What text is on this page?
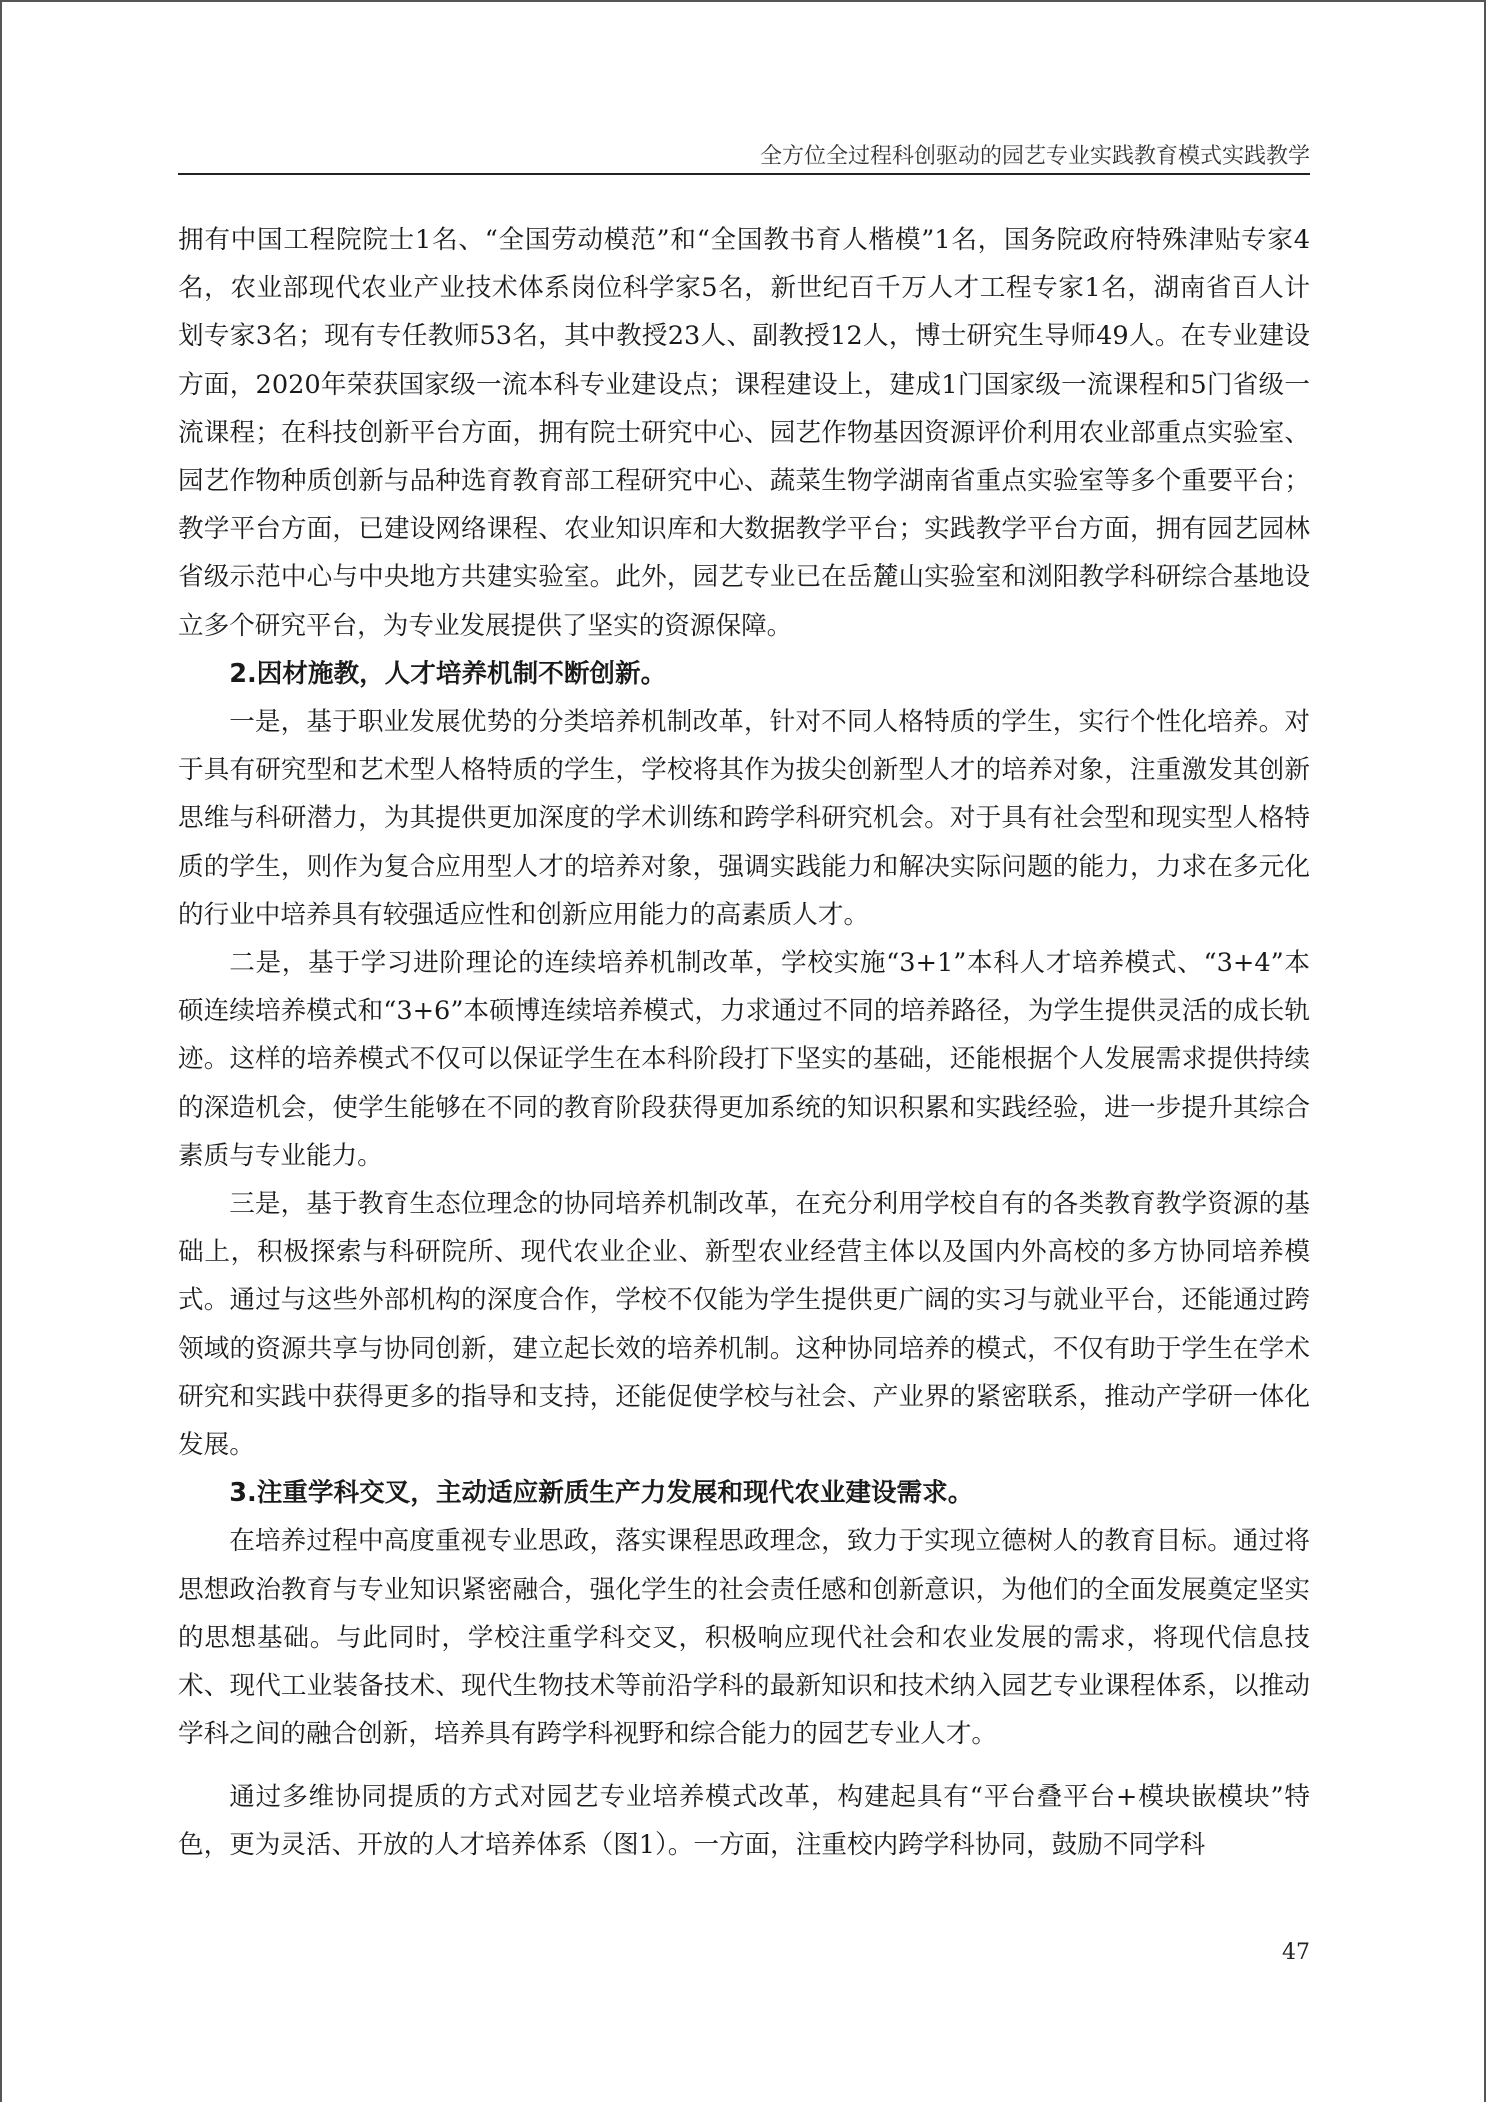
全方位全过程科创驱动的园艺专业实践教育模式实践教学

拥有中国工程院院士1名、“全国劳动模范”和“全国教书育人楷模”1名，国务院政府特殊津贴专家4名，农业部现代农业产业技术体系岗位科学家5名，新世纪百千万人才工程专家1名，湖南省百人计划专家3名；现有专任教师53名，其中教授23人、副教授12人，博士研究生导师49人。在专业建设方面，2020年荣获国家级一流本科专业建设点；课程建设上，建成1门国家级一流课程和5门省级一流课程；在科技创新平台方面，拥有院士研究中心、园艺作物基因资源评价利用农业部重点实验室、园艺作物种质创新与品种选育教育部工程研究中心、蔬菜生物学湖南省重点实验室等多个重要平台；教学平台方面，已建设网络课程、农业知识库和大数据教学平台；实践教学平台方面，拥有园艺园林省级示范中心与中央地方共建实验室。此外，园艺专业已在岳麓山实验室和浏阳教学科研综合基地设立多个研究平台，为专业发展提供了坚实的资源保障。

2.因材施教，人才培养机制不断创新。

一是，基于职业发展优势的分类培养机制改革，针对不同人格特质的学生，实行个性化培养。对于具有研究型和艺术型人格特质的学生，学校将其作为拔尖创新型人才的培养对象，注重激发其创新思维与科研潜力，为其提供更加深度的学术训练和跨学科研究机会。对于具有社会型和现实型人格特质的学生，则作为复合应用型人才的培养对象，强调实践能力和解决实际问题的能力，力求在多元化的行业中培养具有较强适应性和创新应用能力的高素质人才。

二是，基于学习进阶理论的连续培养机制改革，学校实施“3+1”本科人才培养模式、“3+4”本硕连续培养模式和“3+6”本硕博连续培养模式，力求通过不同的培养路径，为学生提供灵活的成长轨迹。这样的培养模式不仅可以保证学生在本科阶段打下坚实的基础，还能根据个人发展需求提供持续的深造机会，使学生能够在不同的教育阶段获得更加系统的知识积累和实践经验，进一步提升其综合素质与专业能力。

三是，基于教育生态位理念的协同培养机制改革，在充分利用学校自有的各类教育教学资源的基础上，积极探索与科研院所、现代农业企业、新型农业经营主体以及国内外高校的多方协同培养模式。通过与这些外部机构的深度合作，学校不仅能为学生提供更广阔的实习与就业平台，还能通过跨领域的资源共享与协同创新，建立起长效的培养机制。这种协同培养的模式，不仅有助于学生在学术研究和实践中获得更多的指导和支持，还能促使学校与社会、产业界的紧密联系，推动产学研一体化发展。

3.注重学科交叉，主动适应新质生产力发展和现代农业建设需求。

在培养过程中高度重视专业思政，落实课程思政理念，致力于实现立德树人的教育目标。通过将思想政治教育与专业知识紧密融合，强化学生的社会责任感和创新意识，为他们的全面发展奠定坚实的思想基础。与此同时，学校注重学科交叉，积极响应现代社会和农业发展的需求，将现代信息技术、现代工业装备技术、现代生物技术等前沿学科的最新知识和技术纳入园艺专业课程体系，以推动学科之间的融合创新，培养具有跨学科视野和综合能力的园艺专业人才。

通过多维协同提质的方式对园艺专业培养模式改革，构建起具有“平台叠平台+模块嵌模块”特色，更为灵活、开放的人才培养体系（图1）。一方面，注重校内跨学科协同，鼓励不同学科

47
